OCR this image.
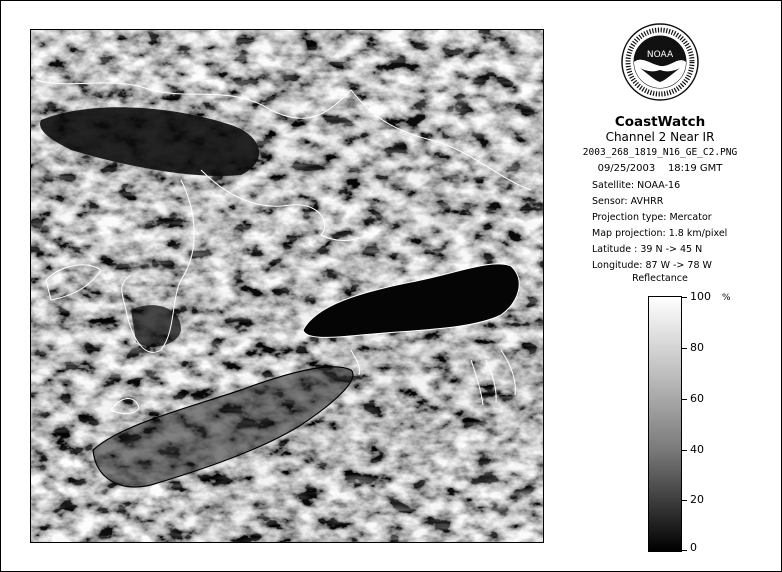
NOAA
CoastWatch
Channel 2 Near IR
2003_268_1819_N16_GE_C2.PNG
09/25/2003 18:19 GMT
Satellite: NOAA-16
Sensor: AVHRR
Projection type: Mercator
Map projection: 1.8 km/pixel
Latitude : 39 N -> 45 N
Longitude: 87 W -> 78 W
Reflectance
%
100
80
60
40
20
0
